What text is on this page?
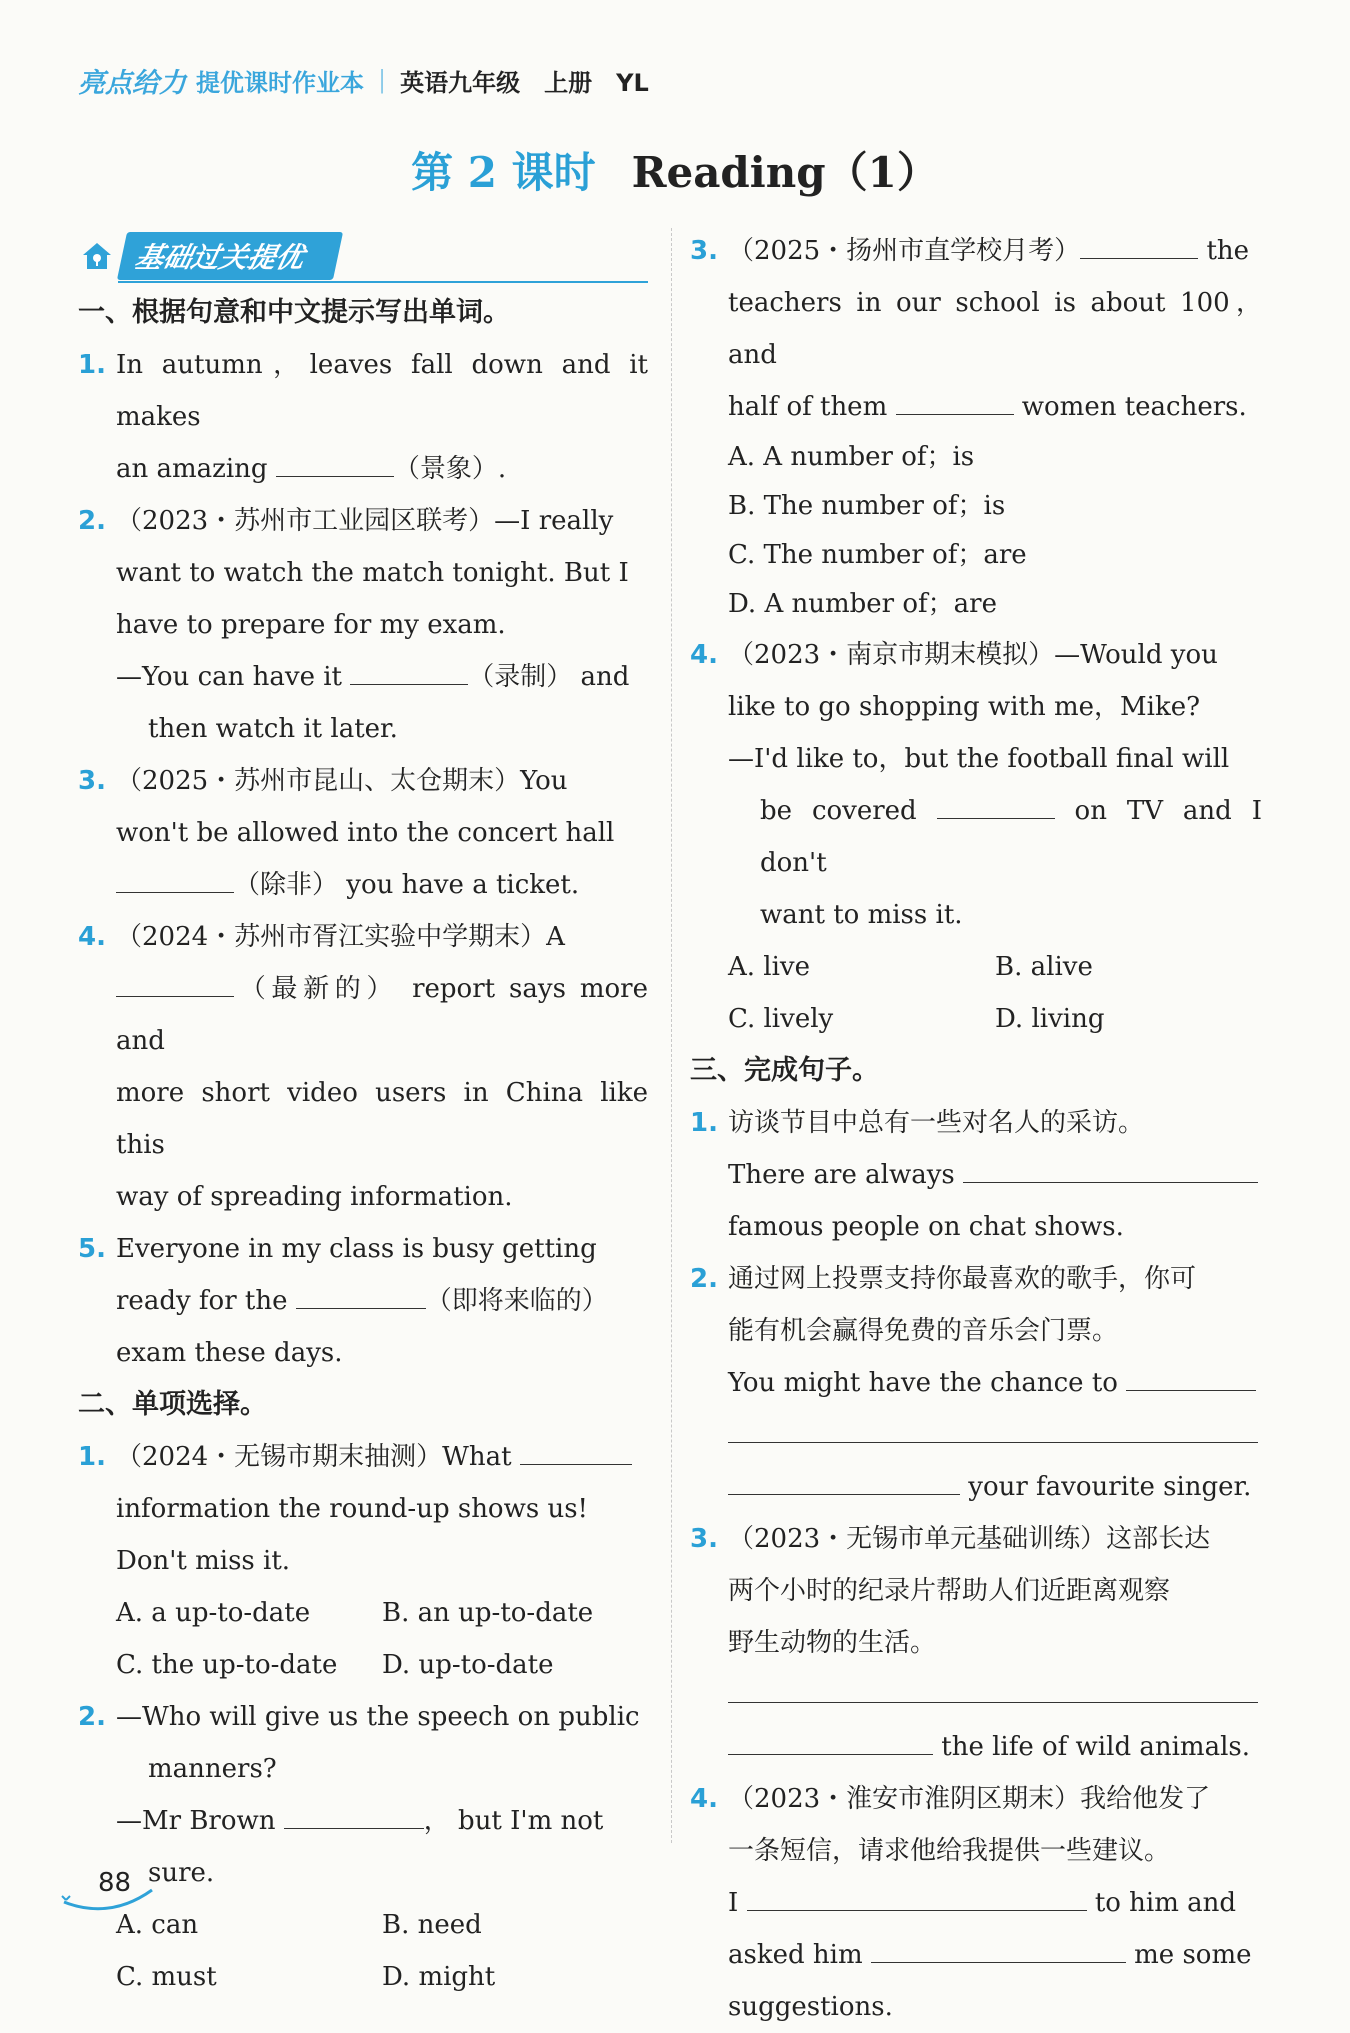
亮点给力 提优课时作业本 | 英语九年级　上册　YL
第 2 课时 Reading（1）
基础过关提优
一、根据句意和中文提示写出单词。
1. In autumn，leaves fall down and it makes
an amazing	（景象）.
2. （2023・苏州市工业园区联考）—I really
want to watch the match tonight. But I
have to prepare for my exam.
—You can have it	（录制） and
then watch it later.
3. （2025・苏州市昆山、太仓期末）You
won't be allowed into the concert hall
（除非） you have a ticket.
4. （2024・苏州市胥江实验中学期末）A
（最新的） report says more and
more short video users in China like this
way of spreading information.
5. Everyone in my class is busy getting
ready for the	（即将来临的）
exam these days.
二、单项选择。
1. （2024・无锡市期末抽测）What
information the round-up shows us!
Don't miss it.
A. a up-to-date	B. an up-to-date
C. the up-to-date	D. up-to-date
2. —Who will give us the speech on public
manners?
—Mr Brown	， but I'm not
sure.
A. can	B. need
C. must	D. might
3. （2025・扬州市直学校月考）	the
teachers in our school is about 100，and
half of them	women teachers.
A. A number of；is
B. The number of；is
C. The number of；are
D. A number of；are
4. （2023・南京市期末模拟）—Would you
like to go shopping with me，Mike?
—I'd like to，but the football final will
be covered	on TV and I don't
want to miss it.
A. live	B. alive
C. lively	D. living
三、完成句子。
1. 访谈节目中总有一些对名人的采访。
There are always
famous people on chat shows.
2. 通过网上投票支持你最喜欢的歌手，你可
能有机会赢得免费的音乐会门票。
You might have the chance to
your favourite singer.
3. （2023・无锡市单元基础训练）这部长达
两个小时的纪录片帮助人们近距离观察
野生动物的生活。
the life of wild animals.
4. （2023・淮安市淮阴区期末）我给他发了
一条短信，请求他给我提供一些建议。
I	to him and
asked him	me some
suggestions.
88
